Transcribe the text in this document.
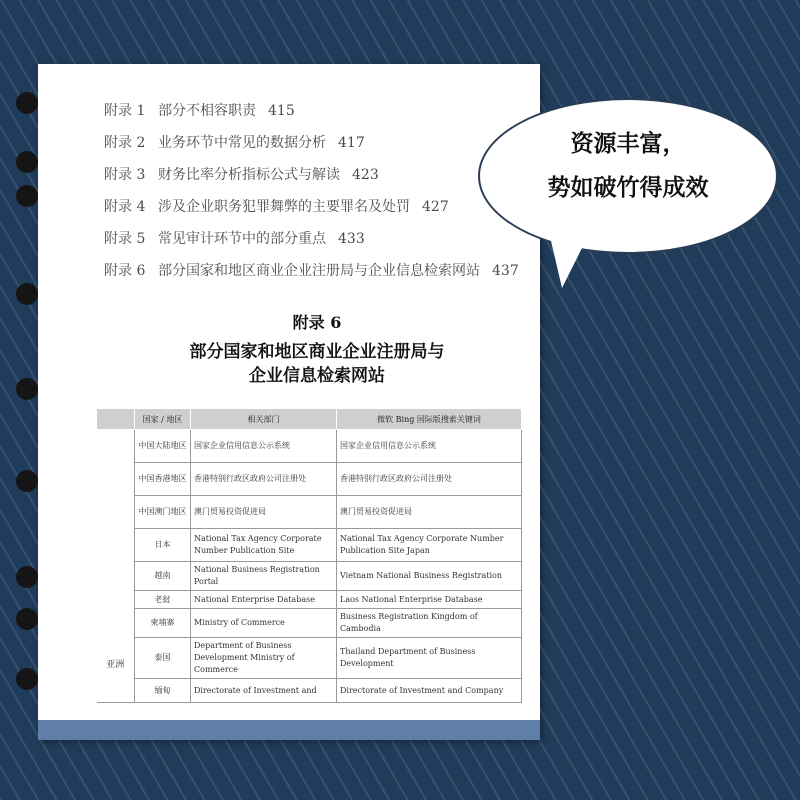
附录 1 部分不相容职责 415
附录 2 业务环节中常见的数据分析 417
附录 3 财务比率分析指标公式与解读 423
附录 4 涉及企业职务犯罪舞弊的主要罪名及处罚 427
附录 5 常见审计环节中的部分重点 433
附录 6 部分国家和地区商业企业注册局与企业信息检索网站 437
附录 6
部分国家和地区商业企业注册局与
企业信息检索网站
	国家 / 地区	相关部门	微软 Bing 国际版搜索关键词
亚洲	中国大陆地区	国家企业信用信息公示系统	国家企业信用信息公示系统
	中国香港地区	香港特别行政区政府公司注册处	香港特别行政区政府公司注册处
	中国澳门地区	澳门贸易投资促进局	澳门贸易投资促进局
	日本	National Tax Agency Corporate Number Publication Site	National Tax Agency Corporate Number Publication Site Japan
	越南	National Business Registration Portal	Vietnam National Business Registration
	老挝	National Enterprise Database	Laos National Enterprise Database
	柬埔寨	Ministry of Commerce	Business Registration Kingdom of Cambodia
	泰国	Department of Business Development Ministry of Commerce	Thailand Department of Business Development
	缅甸	Directorate of Investment and	Directorate of Investment and Company
资源丰富，
势如破竹得成效
